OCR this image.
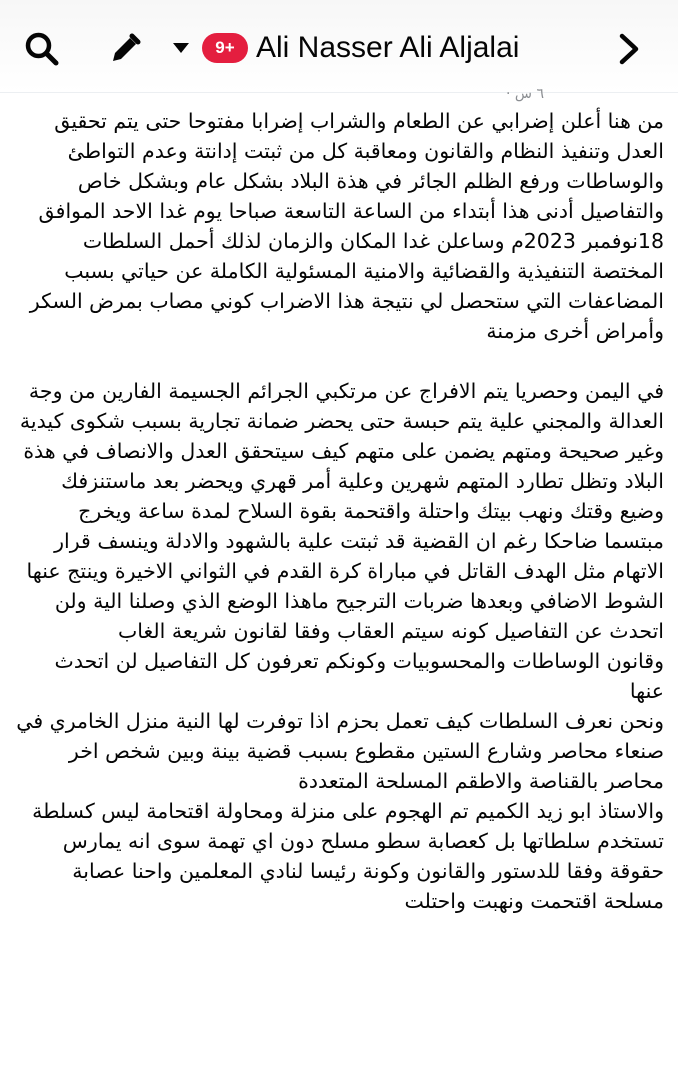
9+ Ali Nasser Ali Aljalai
٦ س ·

من هنا أعلن إضرابي عن الطعام والشراب إضرابا مفتوحا حتى يتم تحقيق العدل وتنفيذ النظام والقانون ومعاقبة كل من ثبتت إدانتة وعدم التواطئ والوساطات ورفع الظلم الجائر في هذة البلاد بشكل عام وبشكل خاص والتفاصيل أدنى هذا أبتداء من الساعة التاسعة صباحا يوم غدا الاحد الموافق 18نوفمبر 2023م وساعلن غدا المكان والزمان لذلك أحمل السلطات المختصة التنفيذية والقضائية والامنية المسئولية الكاملة عن حياتي بسبب المضاعفات التي ستحصل لي نتيجة هذا الاضراب كوني مصاب بمرض السكر وأمراض أخرى مزمنة

في اليمن وحصريا يتم الافراج عن مرتكبي الجرائم الجسيمة الفارين من وجة العدالة والمجني علية يتم حبسة حتى يحضر ضمانة تجارية بسبب شكوى كيدية وغير صحيحة ومتهم يضمن على متهم كيف سيتحقق العدل والانصاف في هذة البلاد وتظل تطارد المتهم شهرين وعلية أمر قهري ويحضر بعد ماستنزفك وضيع وقتك ونهب بيتك واحتلة واقتحمة بقوة السلاح لمدة ساعة ويخرج مبتسما ضاحكا رغم ان القضية قد ثبتت علية بالشهود والادلة وينسف قرار الاتهام مثل الهدف القاتل في مباراة كرة القدم في الثواني الاخيرة وينتج عنها الشوط الاضافي وبعدها ضربات الترجيح ماهذا الوضع الذي وصلنا الية ولن اتحدث عن التفاصيل كونه سيتم العقاب وفقا لقانون شريعة الغاب

وقانون الوساطات والمحسوبيات وكونكم تعرفون كل التفاصيل لن اتحدث عنها

ونحن نعرف السلطات كيف تعمل بحزم اذا توفرت لها النية منزل الخامري في صنعاء محاصر وشارع الستين مقطوع بسبب قضية بينة وبين شخص اخر محاصر بالقناصة والاطقم المسلحة المتعددة

والاستاذ ابو زيد الكميم تم الهجوم على منزلة ومحاولة اقتحامة ليس كسلطة تستخدم سلطاتها بل كعصابة سطو مسلح دون اي تهمة سوى انه يمارس حقوقة وفقا للدستور والقانون وكونة رئيسا لنادي المعلمين واحنا عصابة مسلحة اقتحمت ونهبت واحتلت
